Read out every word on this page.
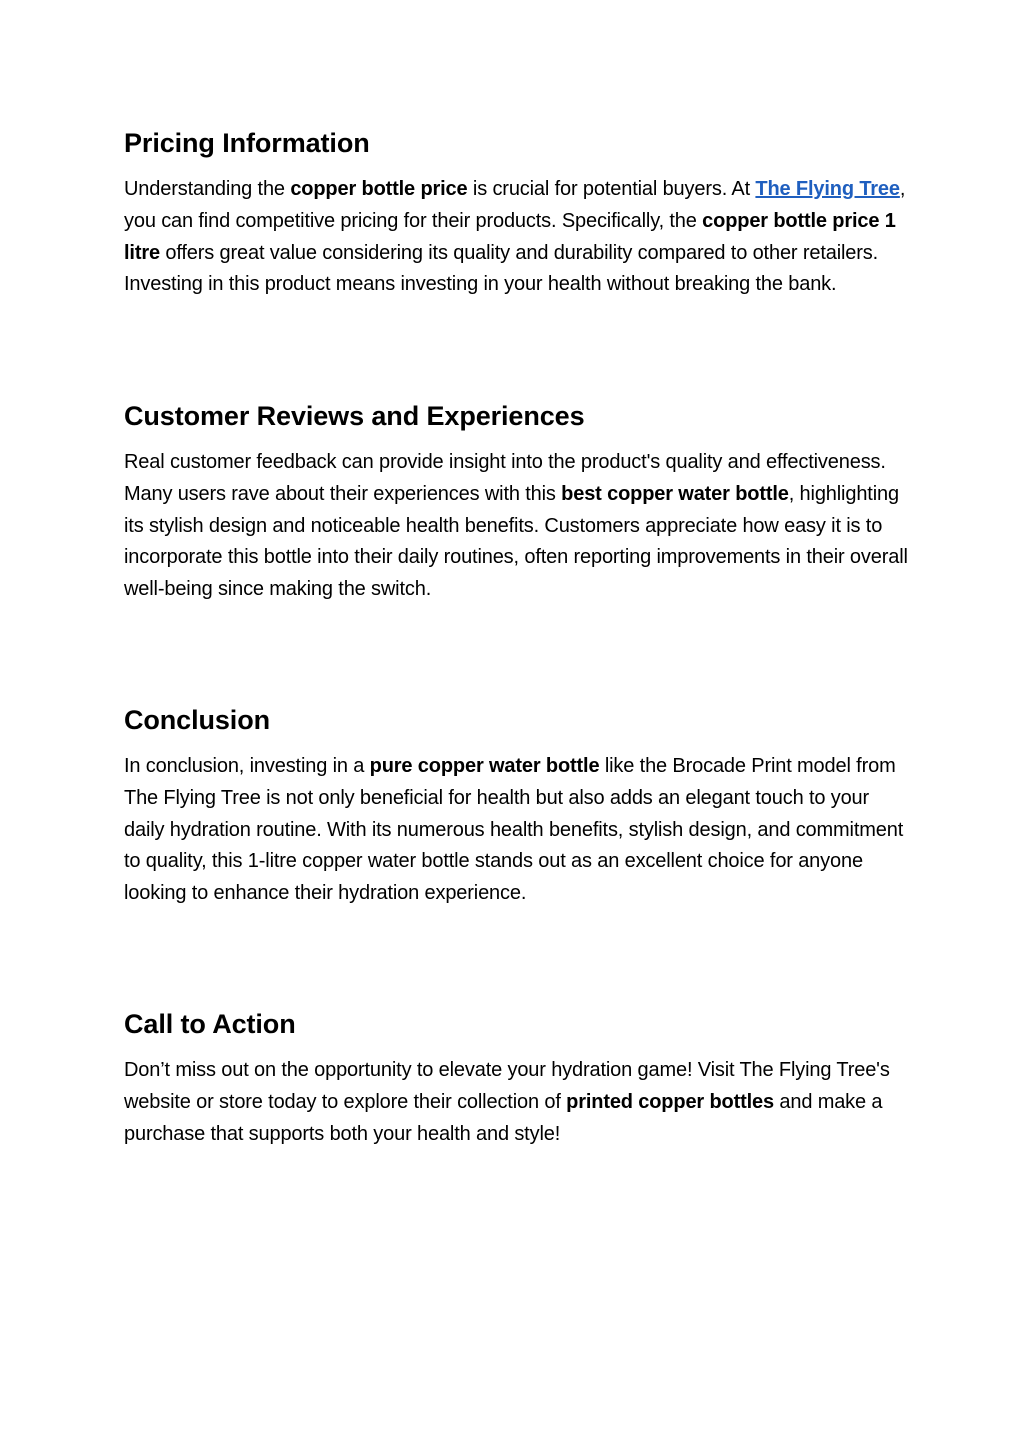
Pricing Information

Understanding the copper bottle price is crucial for potential buyers. At The Flying Tree, you can find competitive pricing for their products. Specifically, the copper bottle price 1 litre offers great value considering its quality and durability compared to other retailers. Investing in this product means investing in your health without breaking the bank.

Customer Reviews and Experiences

Real customer feedback can provide insight into the product's quality and effectiveness. Many users rave about their experiences with this best copper water bottle, highlighting its stylish design and noticeable health benefits. Customers appreciate how easy it is to incorporate this bottle into their daily routines, often reporting improvements in their overall well-being since making the switch.

Conclusion

In conclusion, investing in a pure copper water bottle like the Brocade Print model from The Flying Tree is not only beneficial for health but also adds an elegant touch to your daily hydration routine. With its numerous health benefits, stylish design, and commitment to quality, this 1-litre copper water bottle stands out as an excellent choice for anyone looking to enhance their hydration experience.

Call to Action

Don’t miss out on the opportunity to elevate your hydration game! Visit The Flying Tree's website or store today to explore their collection of printed copper bottles and make a purchase that supports both your health and style!
